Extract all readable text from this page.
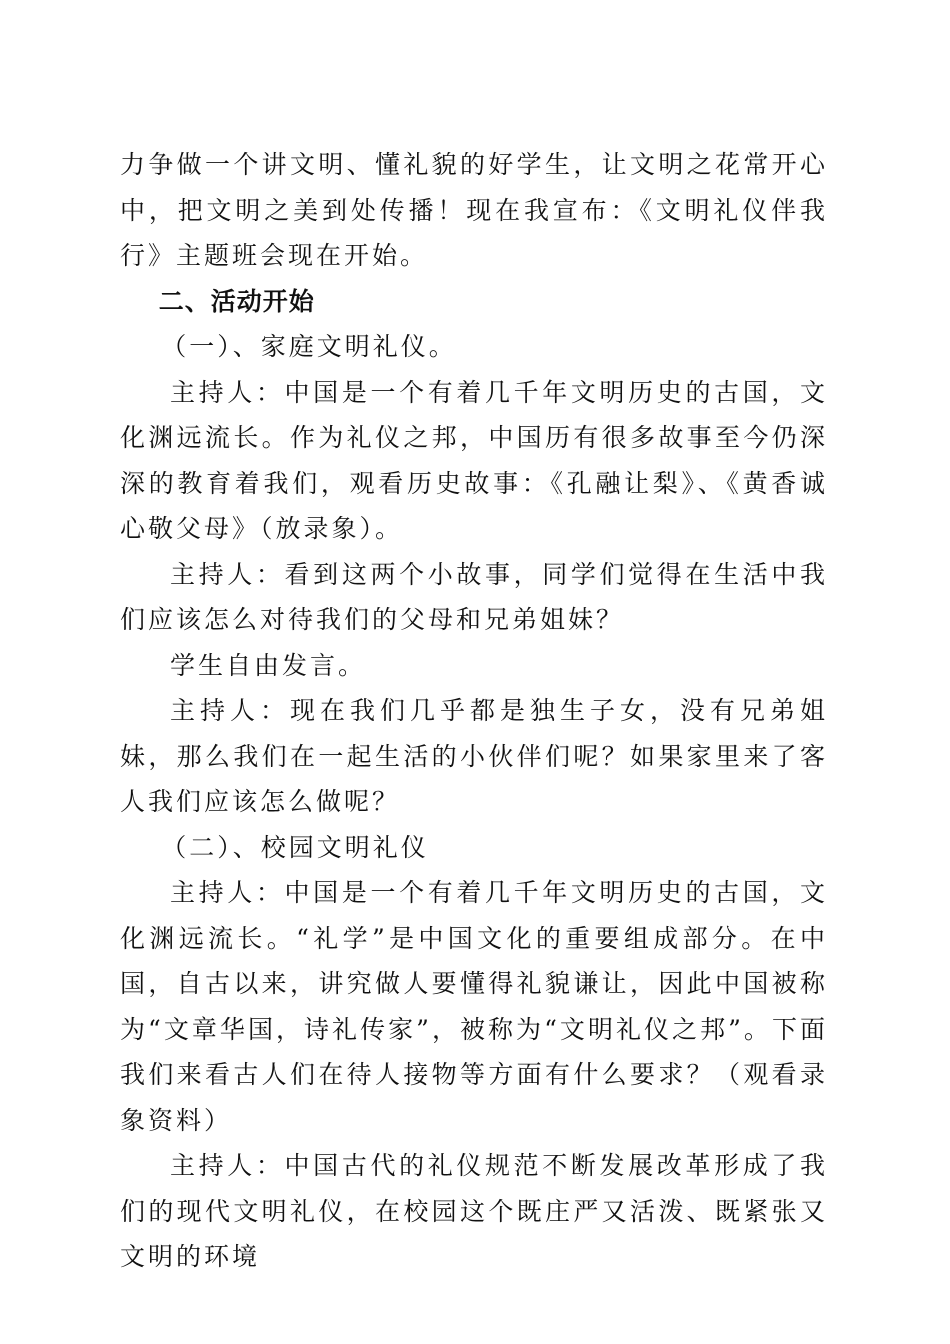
力争做一个讲文明、懂礼貌的好学生，让文明之花常开心中，把文明之美到处传播！现在我宣布：《文明礼仪伴我行》主题班会现在开始。

二、活动开始

（一）、家庭文明礼仪。

主持人：中国是一个有着几千年文明历史的古国，文化渊远流长。作为礼仪之邦，中国历有很多故事至今仍深深的教育着我们，观看历史故事：《孔融让梨》、《黄香诚心敬父母》（放录象）。

主持人：看到这两个小故事，同学们觉得在生活中我们应该怎么对待我们的父母和兄弟姐妹？

学生自由发言。

主持人：现在我们几乎都是独生子女，没有兄弟姐妹，那么我们在一起生活的小伙伴们呢？如果家里来了客人我们应该怎么做呢？

（二）、校园文明礼仪

主持人：中国是一个有着几千年文明历史的古国，文化渊远流长。“礼学”是中国文化的重要组成部分。在中国，自古以来，讲究做人要懂得礼貌谦让，因此中国被称为“文章华国，诗礼传家”，被称为“文明礼仪之邦”。下面我们来看古人们在待人接物等方面有什么要求？（观看录象资料）

主持人：中国古代的礼仪规范不断发展改革形成了我们的现代文明礼仪，在校园这个既庄严又活泼、既紧张又文明的环境
